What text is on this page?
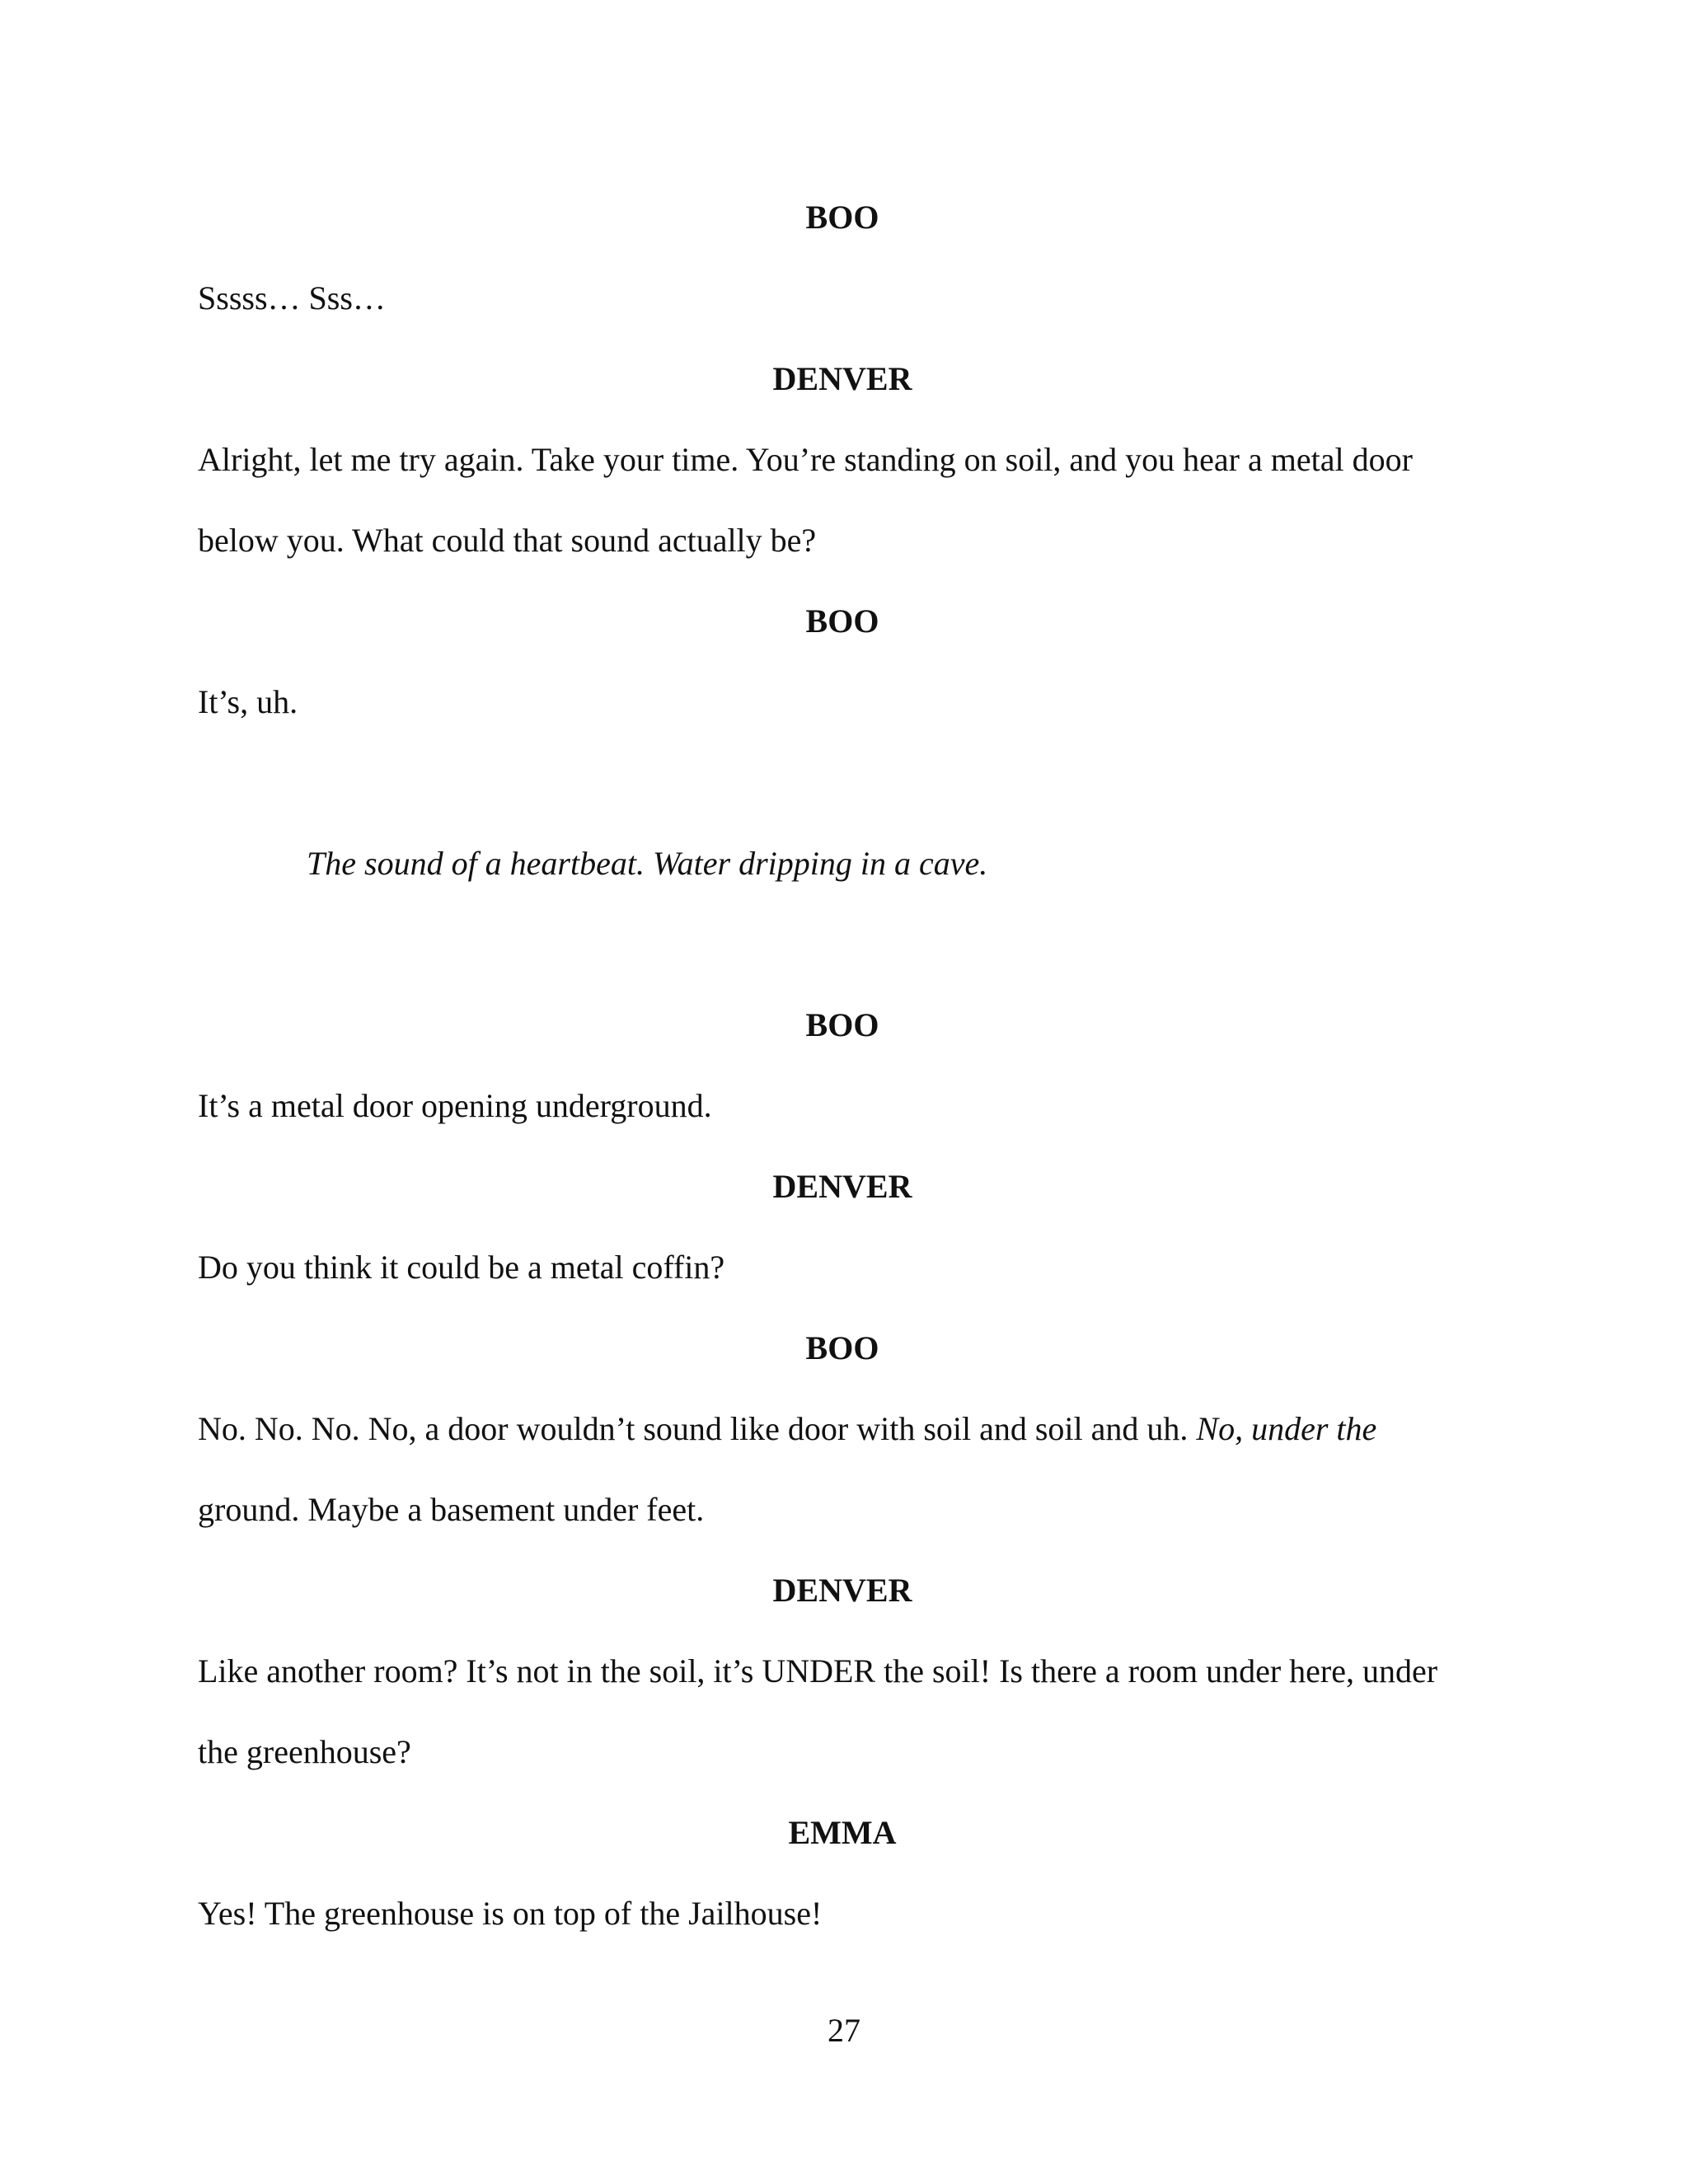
BOO
Sssss… Sss…
DENVER
Alright, let me try again. Take your time. You’re standing on soil, and you hear a metal door
below you. What could that sound actually be?
BOO
It’s, uh.
The sound of a heartbeat. Water dripping in a cave.
BOO
It’s a metal door opening underground.
DENVER
Do you think it could be a metal coffin?
BOO
No. No. No. No, a door wouldn’t sound like door with soil and soil and uh. No, under the
ground. Maybe a basement under feet.
DENVER
Like another room? It’s not in the soil, it’s UNDER the soil! Is there a room under here, under
the greenhouse?
EMMA
Yes! The greenhouse is on top of the Jailhouse!
27
